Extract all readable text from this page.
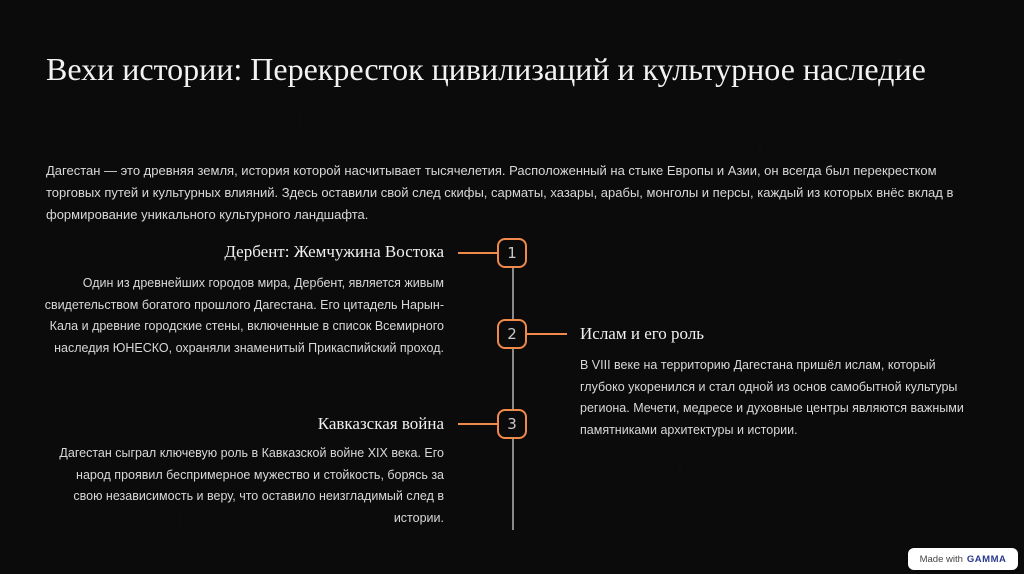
Вехи истории: Перекресток цивилизаций и культурное наследие

Дагестан — это древняя земля, история которой насчитывает тысячелетия. Расположенный на стыке Европы и Азии, он всегда был перекрестком торговых путей и культурных влияний. Здесь оставили свой след скифы, сарматы, хазары, арабы, монголы и персы, каждый из которых внёс вклад в формирование уникального культурного ландшафта.

1
Дербент: Жемчужина Востока

Один из древнейших городов мира, Дербент, является живым свидетельством богатого прошлого Дагестана. Его цитадель Нарын-Кала и древние городские стены, включенные в список Всемирного наследия ЮНЕСКО, охраняли знаменитый Прикаспийский проход.

2	Ислам и его роль

В VIII веке на территорию Дагестана пришёл ислам, который глубоко укоренился и стал одной из основ самобытной культуры региона. Мечети, медресе и духовные центры являются важными памятниками архитектуры и истории.

3
Кавказская война

Дагестан сыграл ключевую роль в Кавказской войне XIX века. Его народ проявил беспримерное мужество и стойкость, борясь за свою независимость и веру, что оставило неизгладимый след в истории.

Made with GAMMA
